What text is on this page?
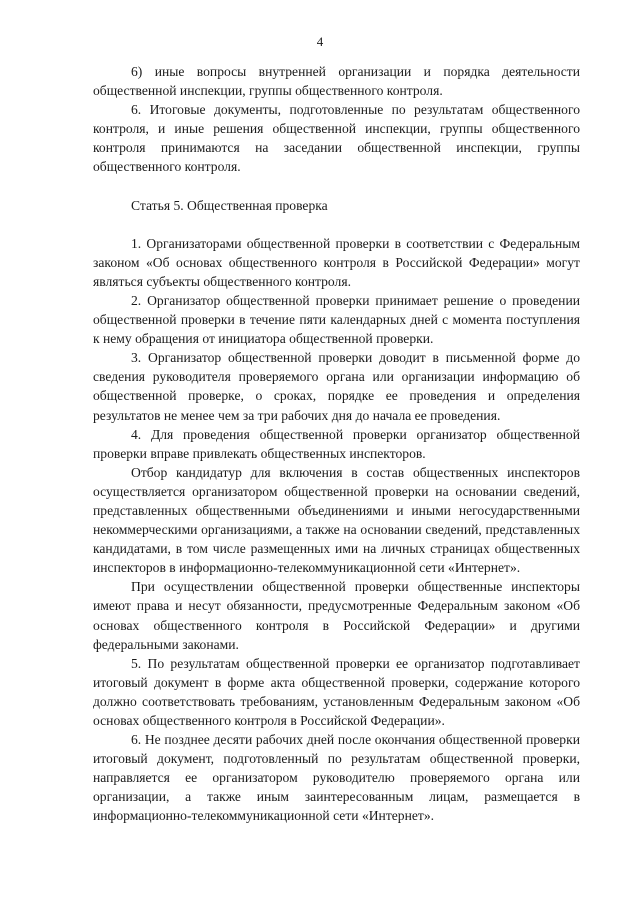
4

6) иные вопросы внутренней организации и порядка деятельности общественной инспекции, группы общественного контроля.

6. Итоговые документы, подготовленные по результатам общественного контроля, и иные решения общественной инспекции, группы общественного контроля принимаются на заседании общественной инспекции, группы общественного контроля.

Статья 5. Общественная проверка

1. Организаторами общественной проверки в соответствии с Федеральным законом «Об основах общественного контроля в Российской Федерации» могут являться субъекты общественного контроля.

2. Организатор общественной проверки принимает решение о проведении общественной проверки в течение пяти календарных дней с момента поступления к нему обращения от инициатора общественной проверки.

3. Организатор общественной проверки доводит в письменной форме до сведения руководителя проверяемого органа или организации информацию об общественной проверке, о сроках, порядке ее проведения и определения результатов не менее чем за три рабочих дня до начала ее проведения.

4. Для проведения общественной проверки организатор общественной проверки вправе привлекать общественных инспекторов.

Отбор кандидатур для включения в состав общественных инспекторов осуществляется организатором общественной проверки на основании сведений, представленных общественными объединениями и иными негосударственными некоммерческими организациями, а также на основании сведений, представленных кандидатами, в том числе размещенных ими на личных страницах общественных инспекторов в информационно-телекоммуникационной сети «Интернет».

При осуществлении общественной проверки общественные инспекторы имеют права и несут обязанности, предусмотренные Федеральным законом «Об основах общественного контроля в Российской Федерации» и другими федеральными законами.

5. По результатам общественной проверки ее организатор подготавливает итоговый документ в форме акта общественной проверки, содержание которого должно соответствовать требованиям, установленным Федеральным законом «Об основах общественного контроля в Российской Федерации».

6. Не позднее десяти рабочих дней после окончания общественной проверки итоговый документ, подготовленный по результатам общественной проверки, направляется ее организатором руководителю проверяемого органа или организации, а также иным заинтересованным лицам, размещается в информационно-телекоммуникационной сети «Интернет».
